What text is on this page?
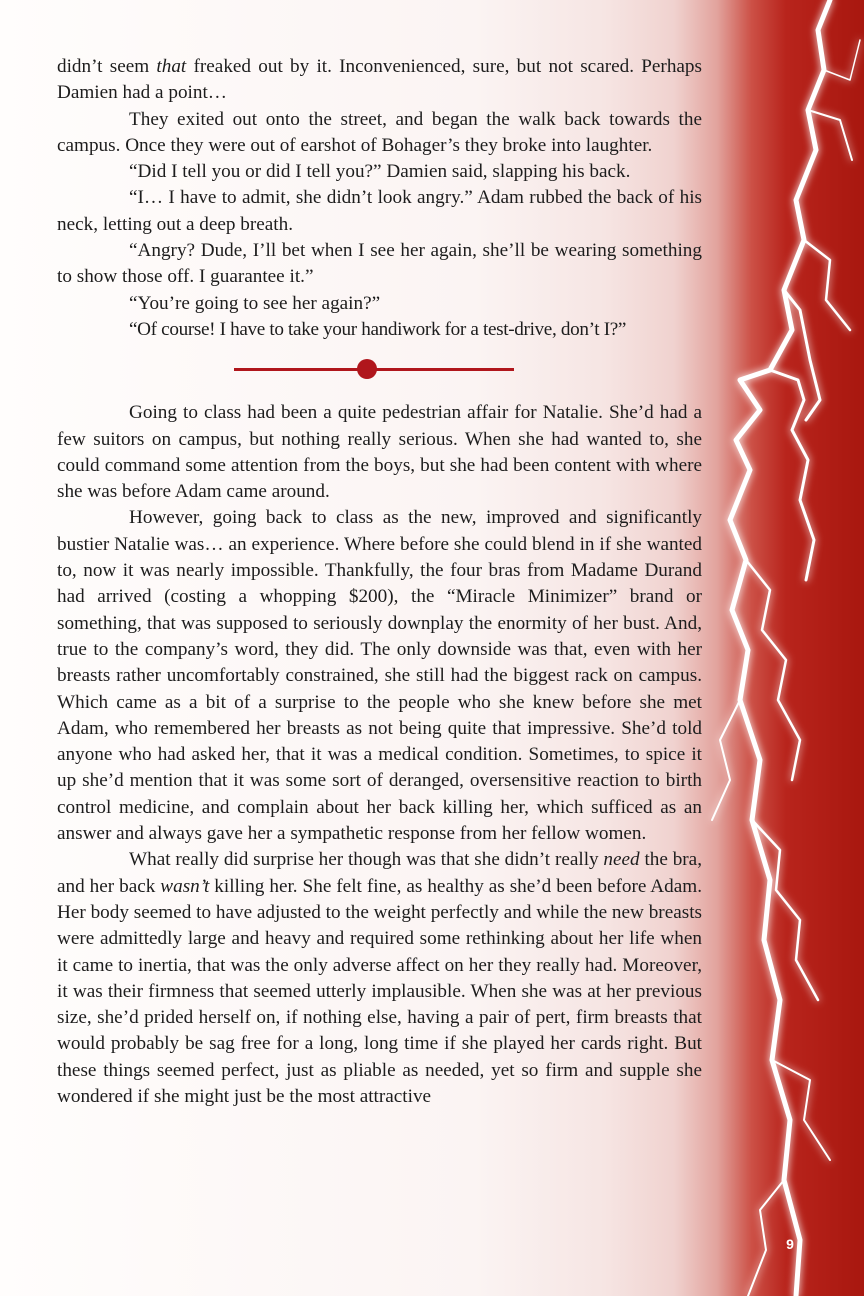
didn’t seem that freaked out by it. Inconvenienced, sure, but not scared. Perhaps Damien had a point…

They exited out onto the street, and began the walk back towards the campus. Once they were out of earshot of Bohager’s they broke into laughter.

“Did I tell you or did I tell you?” Damien said, slapping his back.

“I… I have to admit, she didn’t look angry.” Adam rubbed the back of his neck, letting out a deep breath.

“Angry? Dude, I’ll bet when I see her again, she’ll be wearing something to show those off. I guarantee it.”

“You’re going to see her again?”

“Of course! I have to take your handiwork for a test-drive, don’t I?”

Going to class had been a quite pedestrian affair for Natalie. She’d had a few suitors on campus, but nothing really serious. When she had wanted to, she could command some attention from the boys, but she had been content with where she was before Adam came around.

However, going back to class as the new, improved and significantly bustier Natalie was… an experience. Where before she could blend in if she wanted to, now it was nearly impossible. Thankfully, the four bras from Madame Durand had arrived (costing a whopping $200), the “Miracle Minimizer” brand or something, that was supposed to seriously downplay the enormity of her bust. And, true to the company’s word, they did. The only downside was that, even with her breasts rather uncomfortably constrained, she still had the biggest rack on campus. Which came as a bit of a surprise to the people who she knew before she met Adam, who remembered her breasts as not being quite that impressive. She’d told anyone who had asked her, that it was a medical condition. Sometimes, to spice it up she’d mention that it was some sort of deranged, oversensitive reaction to birth control medicine, and complain about her back killing her, which sufficed as an answer and always gave her a sympathetic response from her fellow women.

What really did surprise her though was that she didn’t really need the bra, and her back wasn’t killing her. She felt fine, as healthy as she’d been before Adam. Her body seemed to have adjusted to the weight perfectly and while the new breasts were admittedly large and heavy and required some rethinking about her life when it came to inertia, that was the only adverse affect on her they really had. Moreover, it was their firmness that seemed utterly implausible. When she was at her previous size, she’d prided herself on, if nothing else, having a pair of pert, firm breasts that would probably be sag free for a long, long time if she played her cards right. But these things seemed perfect, just as pliable as needed, yet so firm and supple she wondered if she might just be the most attractive

9
